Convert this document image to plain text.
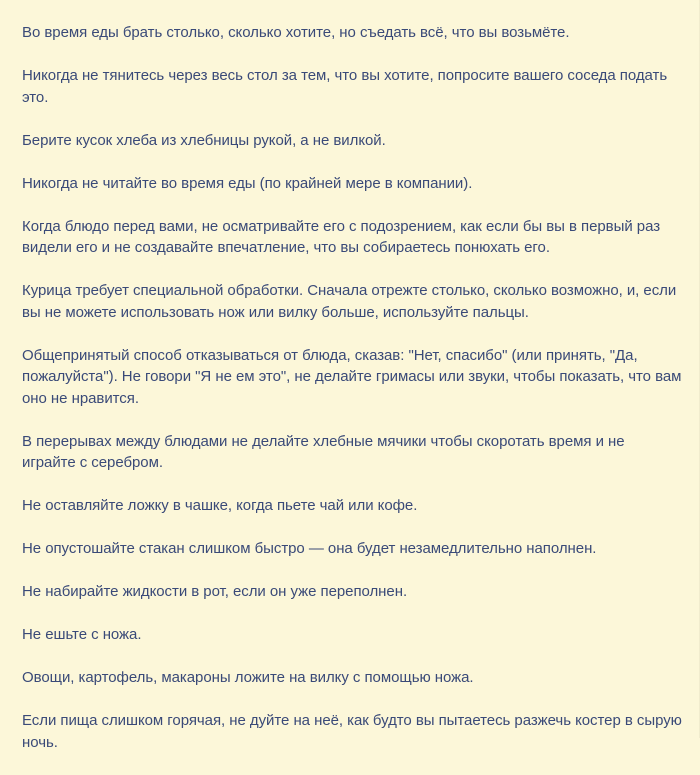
Во время еды брать столько, сколько хотите, но съедать всё, что вы возьмёте.

Никогда не тянитесь через весь стол за тем, что вы хотите, попросите вашего соседа подать это.

Берите кусок хлеба из хлебницы рукой, а не вилкой.

Никогда не читайте во время еды (по крайней мере в компании).

Когда блюдо перед вами, не осматривайте его с подозрением, как если бы вы в первый раз видели его и не создавайте впечатление, что вы собираетесь понюхать его.

Курица требует специальной обработки. Сначала отрежте столько, сколько возможно, и, если вы не можете использовать нож или вилку больше, используйте пальцы.

Общепринятый способ отказываться от блюда, сказав: "Нет, спасибо" (или принять, "Да, пожалуйста"). Не говори "Я не ем это", не делайте гримасы или звуки, чтобы показать, что вам оно не нравится.

В перерывах между блюдами не делайте хлебные мячики чтобы скоротать время и не играйте с серебром.

Не оставляйте ложку в чашке, когда пьете чай или кофе.

Не опустошайте стакан слишком быстро — она будет незамедлительно наполнен.

Не набирайте жидкости в рот, если он уже переполнен.

Не ешьте с ножа.

Овощи, картофель, макароны ложите на вилку с помощью ножа.

Если пища слишком горячая, не дуйте на неё, как будто вы пытаетесь разжечь костер в сырую ночь.
